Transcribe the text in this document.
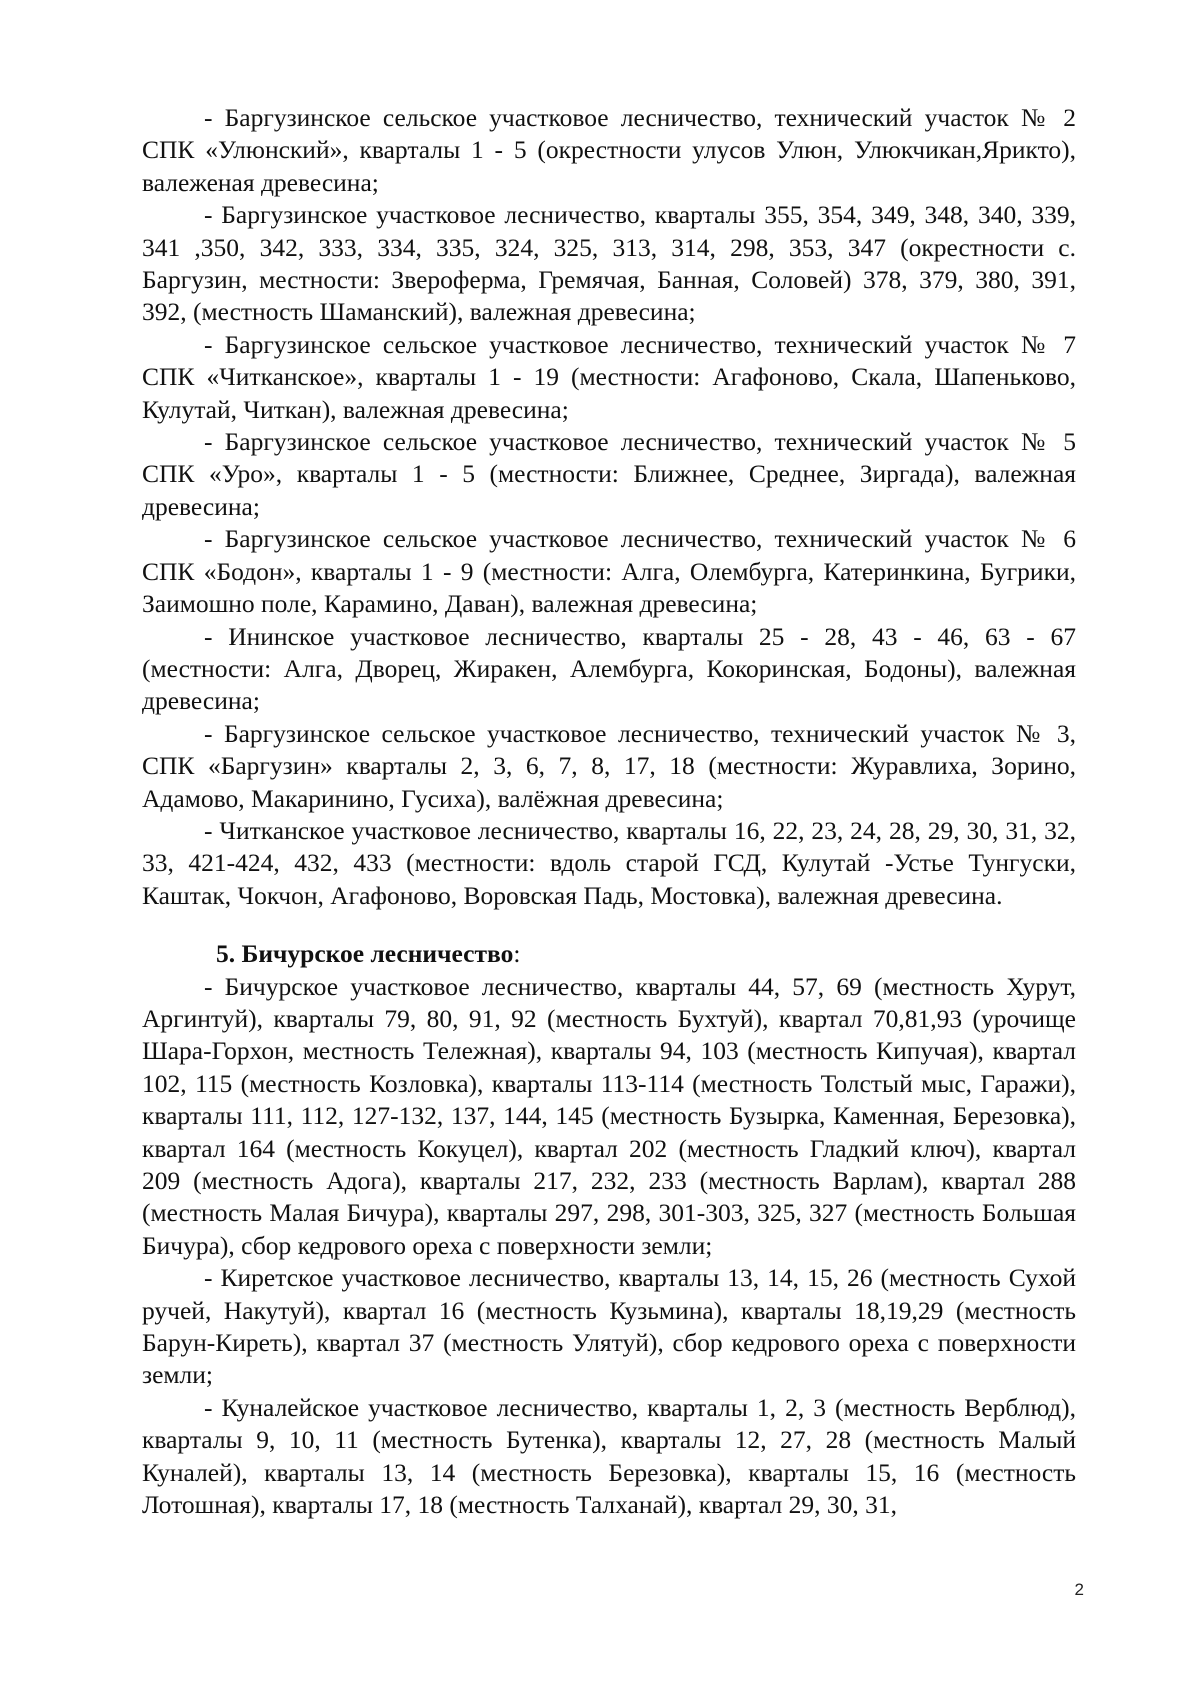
- Баргузинское сельское участковое лесничество, технический участок № 2 СПК «Улюнский», кварталы 1 - 5 (окрестности улусов Улюн, Улюкчикан,Ярикто), валеженая древесина;

- Баргузинское участковое лесничество, кварталы 355, 354, 349, 348, 340, 339, 341 ,350, 342, 333, 334, 335, 324, 325, 313, 314, 298, 353, 347 (окрестности с. Баргузин, местности: Звероферма, Гремячая, Банная, Соловей) 378, 379, 380, 391, 392, (местность Шаманский), валежная древесина;

- Баргузинское сельское участковое лесничество, технический участок № 7 СПК «Читканское», кварталы 1 - 19 (местности: Агафоново, Скала, Шапеньково, Кулутай, Читкан), валежная древесина;

- Баргузинское сельское участковое лесничество, технический участок № 5 СПК «Уро», кварталы 1 - 5 (местности: Ближнее, Среднее, Зиргада), валежная древесина;

- Баргузинское сельское участковое лесничество, технический участок № 6 СПК «Бодон», кварталы 1 - 9 (местности: Алга, Олембурга, Катеринкина, Бугрики, Заимошно поле, Карамино, Даван), валежная древесина;

- Ининское участковое лесничество, кварталы 25 - 28, 43 - 46, 63 - 67 (местности: Алга, Дворец, Жиракен, Алембурга, Кокоринская, Бодоны), валежная древесина;

- Баргузинское сельское участковое лесничество, технический участок № 3, СПК «Баргузин» кварталы 2, 3, 6, 7, 8, 17, 18 (местности: Журавлиха, Зорино, Адамово, Макаринино, Гусиха), валёжная древесина;

- Читканское участковое лесничество, кварталы 16, 22, 23, 24, 28, 29, 30, 31, 32, 33, 421-424, 432, 433 (местности: вдоль старой ГСД, Кулутай -Устье Тунгуски, Каштак, Чокчон, Агафоново, Воровская Падь, Мостовка), валежная древесина.

5. Бичурское лесничество:

- Бичурское участковое лесничество, кварталы 44, 57, 69 (местность Хурут, Аргинтуй), кварталы 79, 80, 91, 92 (местность Бухтуй), квартал 70,81,93 (урочище Шара-Горхон, местность Тележная), кварталы 94, 103 (местность Кипучая), квартал 102, 115 (местность Козловка), кварталы 113-114 (местность Толстый мыс, Гаражи), кварталы 111, 112, 127-132, 137, 144, 145 (местность Бузырка, Каменная, Березовка), квартал 164 (местность Кокуцел), квартал 202 (местность Гладкий ключ), квартал 209 (местность Адога), кварталы 217, 232, 233 (местность Варлам), квартал 288 (местность Малая Бичура), кварталы 297, 298, 301-303, 325, 327 (местность Большая Бичура), сбор кедрового ореха с поверхности земли;

- Киретское участковое лесничество, кварталы 13, 14, 15, 26 (местность Сухой ручей, Накутуй), квартал 16 (местность Кузьмина), кварталы 18,19,29 (местность Барун-Киреть), квартал 37 (местность Улятуй), сбор кедрового ореха с поверхности земли;

- Куналейское участковое лесничество, кварталы 1, 2, 3 (местность Верблюд), кварталы 9, 10, 11 (местность Бутенка), кварталы 12, 27, 28 (местность Малый Куналей), кварталы 13, 14 (местность Березовка), кварталы 15, 16 (местность Лотошная), кварталы 17, 18 (местность Талханай), квартал 29, 30, 31,

2
